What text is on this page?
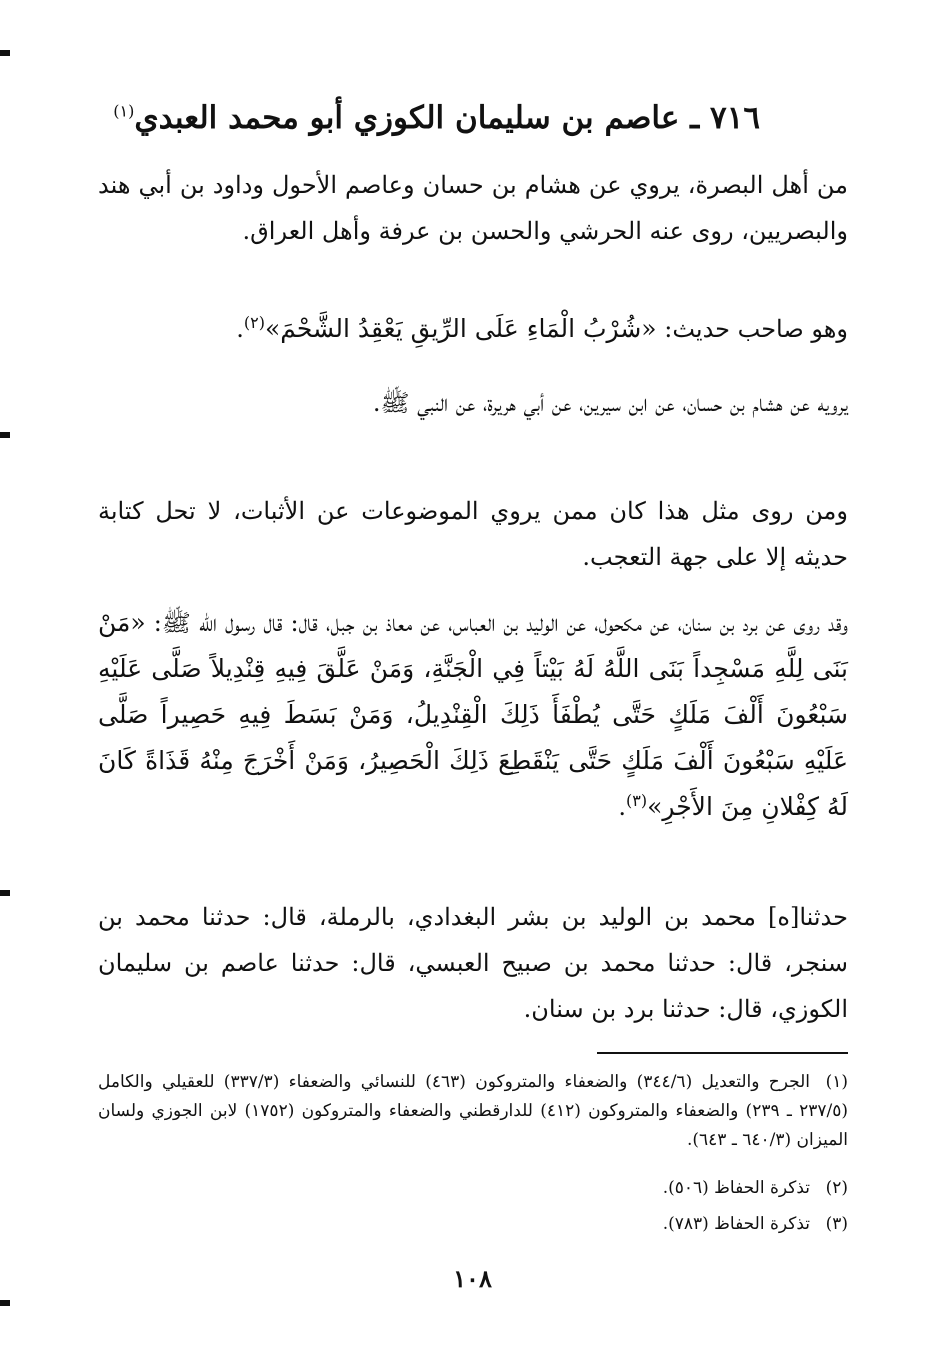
٧١٦ ـ عاصم بن سليمان الكوزي أبو محمد العبدي$^{(١)}$

من أهل البصرة، يروي عن هشام بن حسان وعاصم الأحول وداود بن أبي هند والبصريين، روى عنه الحرشي والحسن بن عرفة وأهل العراق.

وهو صاحب حديث: «شُرْبُ الْمَاءِ عَلَى الرِّيقِ يَعْقِدُ الشَّحْمَ»$^{(٢)}$.

يرويه عن هشام بن حسان، عن ابن سيرين، عن أبي هريرة، عن النبي ﷺ.

ومن روى مثل هذا كان ممن يروي الموضوعات عن الأثبات، لا تحل كتابة حديثه إلا على جهة التعجب.

وقد روى عن برد بن سنان، عن مكحول، عن الوليد بن العباس، عن معاذ بن جبل، قال: قال رسول الله ﷺ: «مَنْ بَنَى لِلَّهِ مَسْجِداً بَنَى اللَّهُ لَهُ بَيْتاً فِي الْجَنَّةِ، وَمَنْ عَلَّقَ فِيهِ قِنْدِيلاً صَلَّى عَلَيْهِ سَبْعُونَ أَلْفَ مَلَكٍ حَتَّى يُطْفَأَ ذَلِكَ الْقِنْدِيلُ، وَمَنْ بَسَطَ فِيهِ حَصِيراً صَلَّى عَلَيْهِ سَبْعُونَ أَلْفَ مَلَكٍ حَتَّى يَنْقَطِعَ ذَلِكَ الْحَصِيرُ، وَمَنْ أَخْرَجَ مِنْهُ قَذَاةً كَانَ لَهُ كِفْلانِ مِنَ الأَجْرِ»$^{(٣)}$.

حدثنا[ه] محمد بن الوليد بن بشر البغدادي، بالرملة، قال: حدثنا محمد بن سنجر، قال: حدثنا محمد بن صبيح العبسي، قال: حدثنا عاصم بن سليمان الكوزي، قال: حدثنا برد بن سنان.

(١)الجرح والتعديل (٣٤٤/٦) والضعفاء والمتروكون (٤٦٣) للنسائي والضعفاء (٣٣٧/٣) للعقيلي والكامل (٢٣٧/٥ ـ ٢٣٩) والضعفاء والمتروكون (٤١٢) للدارقطني والضعفاء والمتروكون (١٧٥٢) لابن الجوزي ولسان الميزان (٦٤٠/٣ ـ ٦٤٣).
(٢)تذكرة الحفاظ (٥٠٦).
(٣)تذكرة الحفاظ (٧٨٣).
١٠٨
